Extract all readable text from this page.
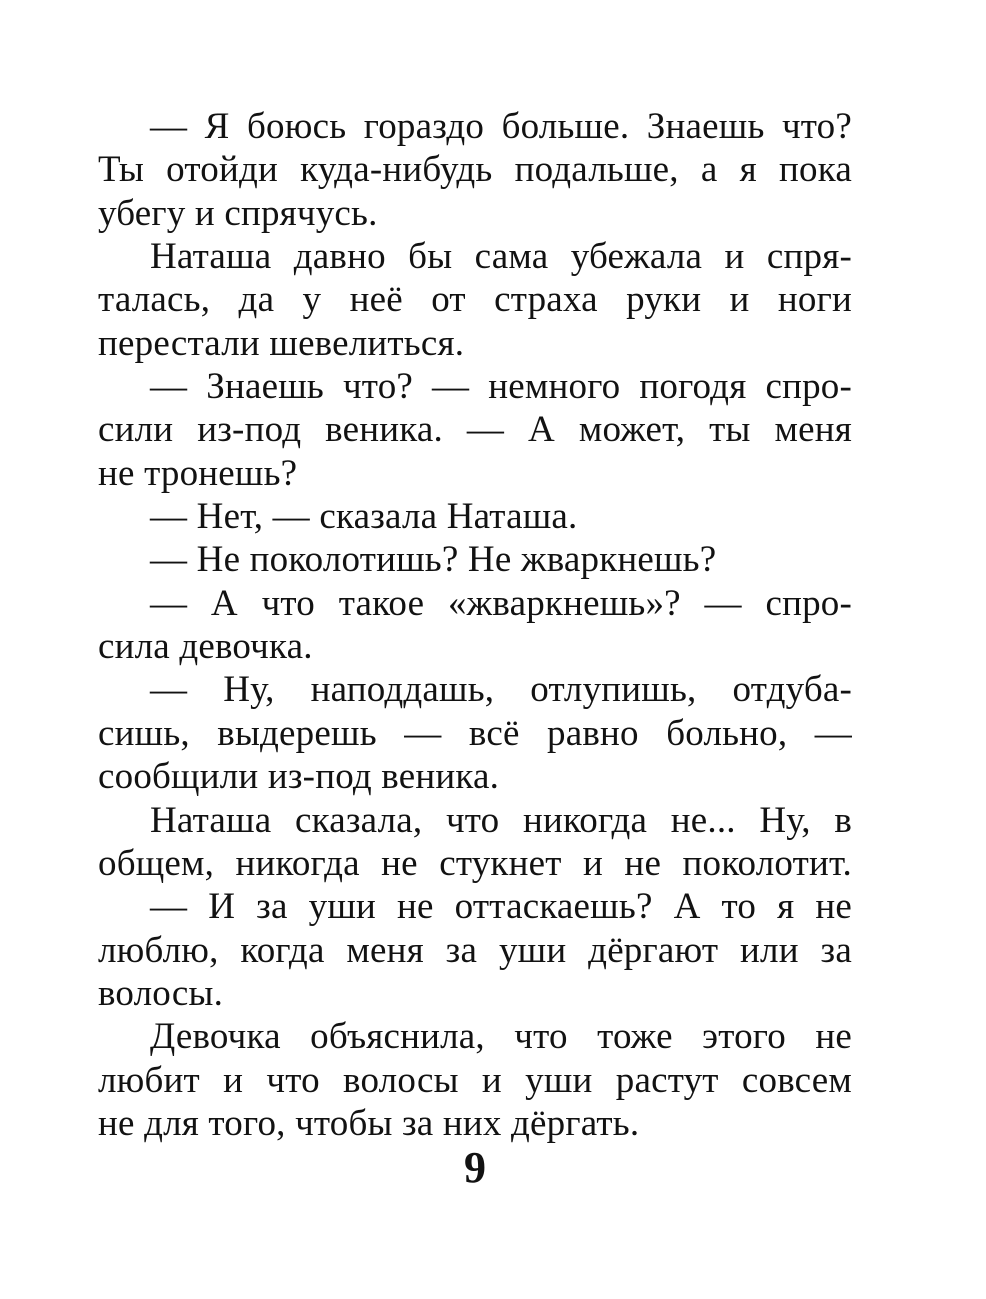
— Я боюсь гораздо больше. Знаешь что?
Ты отойди куда-нибудь подальше, а я пока
убегу и спрячусь.
Наташа давно бы сама убежала и спря-
талась, да у неё от страха руки и ноги
перестали шевелиться.
— Знаешь что? — немного погодя спро-
сили из-под веника. — А может, ты меня
не тронешь?
— Нет, — сказала Наташа.
— Не поколотишь? Не жваркнешь?
— А что такое «жваркнешь»? — спро-
сила девочка.
— Ну, наподдашь, отлупишь, отдуба-
сишь, выдерешь — всё равно больно, —
сообщили из-под веника.
Наташа сказала, что никогда не... Ну, в
общем, никогда не стукнет и не поколотит.
— И за уши не оттаскаешь? А то я не
люблю, когда меня за уши дёргают или за
волосы.
Девочка объяснила, что тоже этого не
любит и что волосы и уши растут совсем
не для того, чтобы за них дёргать.
9
